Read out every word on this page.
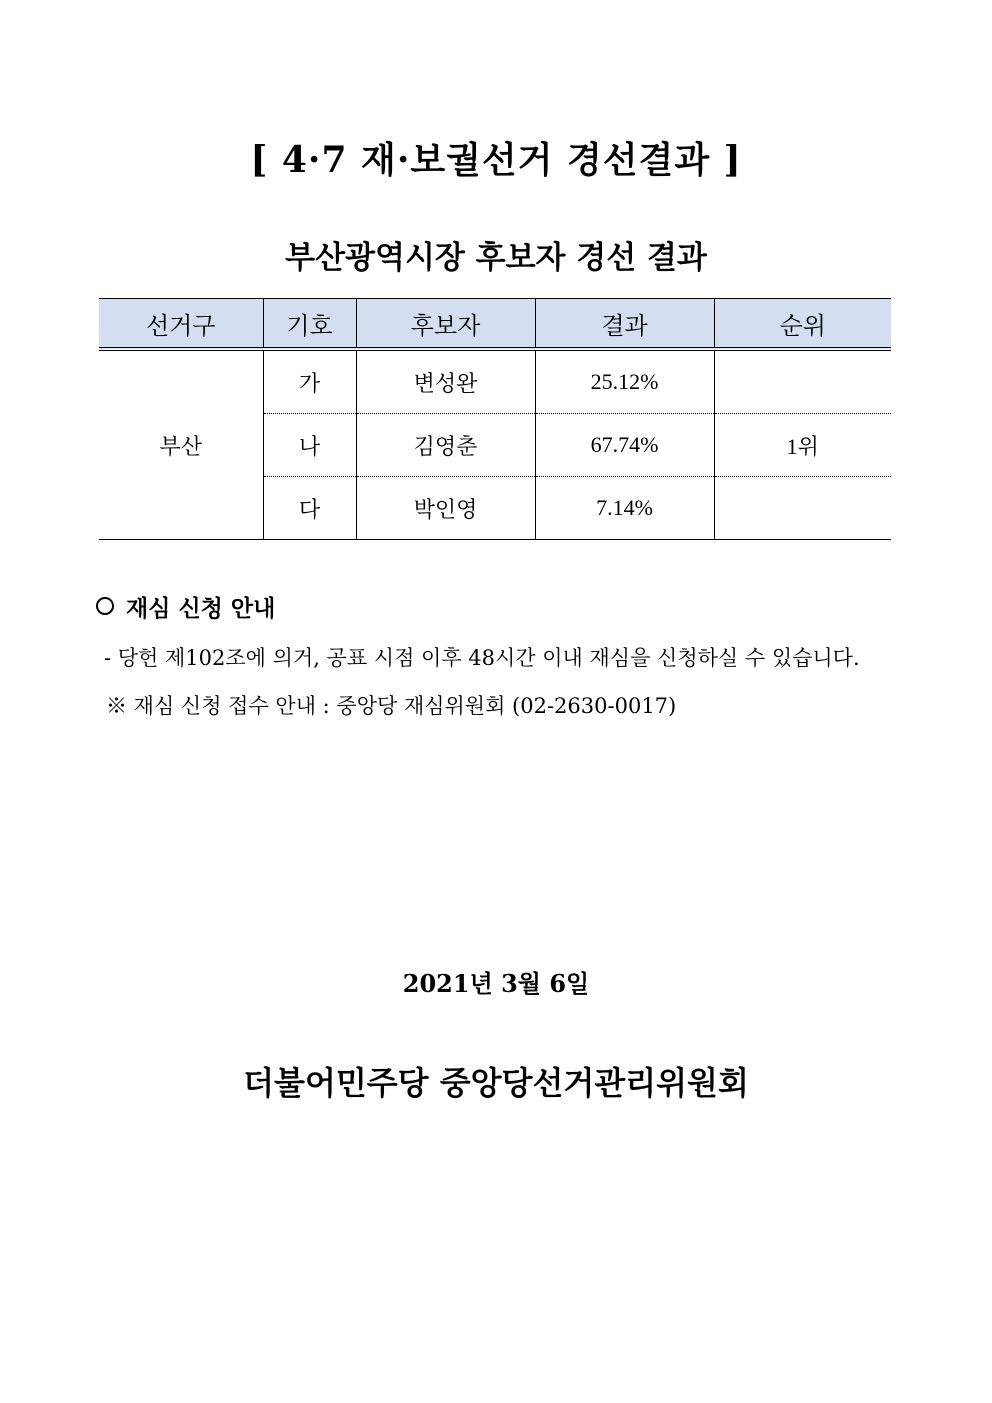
[ 4·7 재·보궐선거 경선결과 ]
부산광역시장 후보자 경선 결과
선거구	기호	후보자	결과	순위
부산	가	변성완	25.12%	
	나	김영춘	67.74%	1위
	다	박인영	7.14%	
재심 신청 안내
- 당헌 제102조에 의거, 공표 시점 이후 48시간 이내 재심을 신청하실 수 있습니다.
※ 재심 신청 접수 안내 : 중앙당 재심위원회 (02-2630-0017)
2021년 3월 6일
더불어민주당 중앙당선거관리위원회
